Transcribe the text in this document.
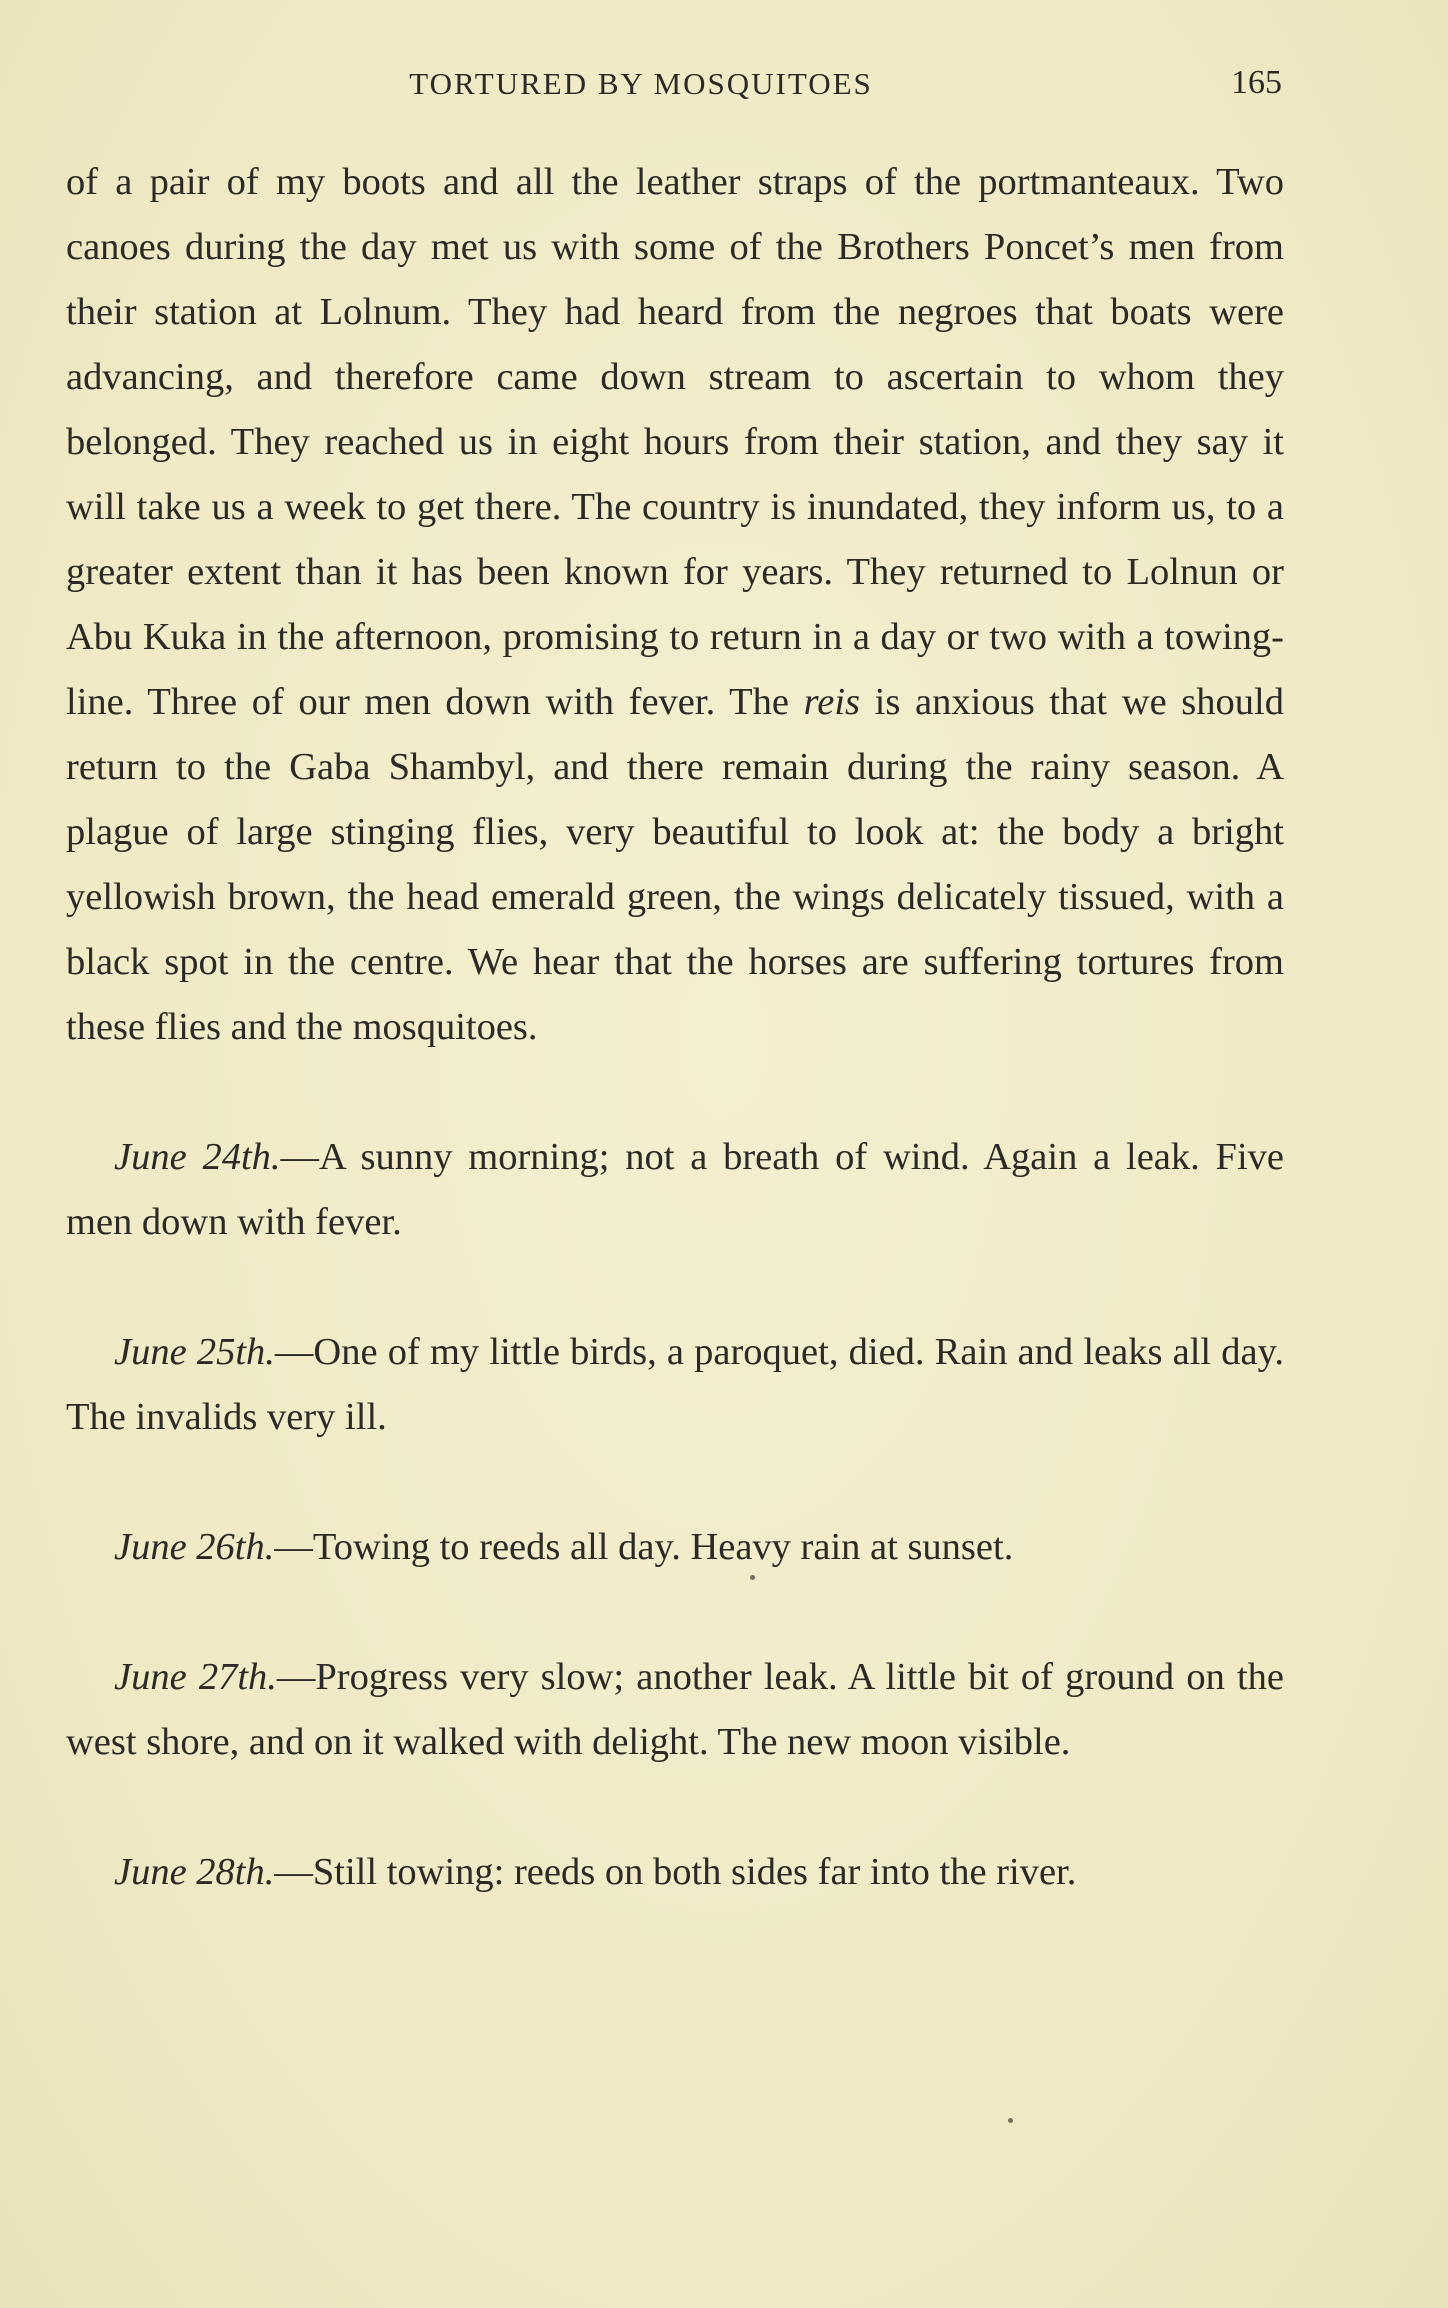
TORTURED BY MOSQUITOES	165

of a pair of my boots and all the leather straps of the portmanteaux. Two canoes during the day met us with some of the Brothers Poncet’s men from their station at Lolnum. They had heard from the negroes that boats were advancing, and therefore came down stream to ascertain to whom they belonged. They reached us in eight hours from their station, and they say it will take us a week to get there. The country is inundated, they inform us, to a greater extent than it has been known for years. They returned to Lolnun or Abu Kuka in the afternoon, promising to return in a day or two with a towing-line. Three of our men down with fever. The reis is anxious that we should return to the Gaba Shambyl, and there remain during the rainy season. A plague of large stinging flies, very beautiful to look at: the body a bright yellowish brown, the head emerald green, the wings delicately tissued, with a black spot in the centre. We hear that the horses are suffering tortures from these flies and the mosquitoes.

June 24th.—A sunny morning; not a breath of wind. Again a leak. Five men down with fever.

June 25th.—One of my little birds, a paroquet, died. Rain and leaks all day. The invalids very ill.

June 26th.—Towing to reeds all day. Heavy rain at sunset.

June 27th.—Progress very slow; another leak. A little bit of ground on the west shore, and on it walked with delight. The new moon visible.

June 28th.—Still towing: reeds on both sides far into the river.
